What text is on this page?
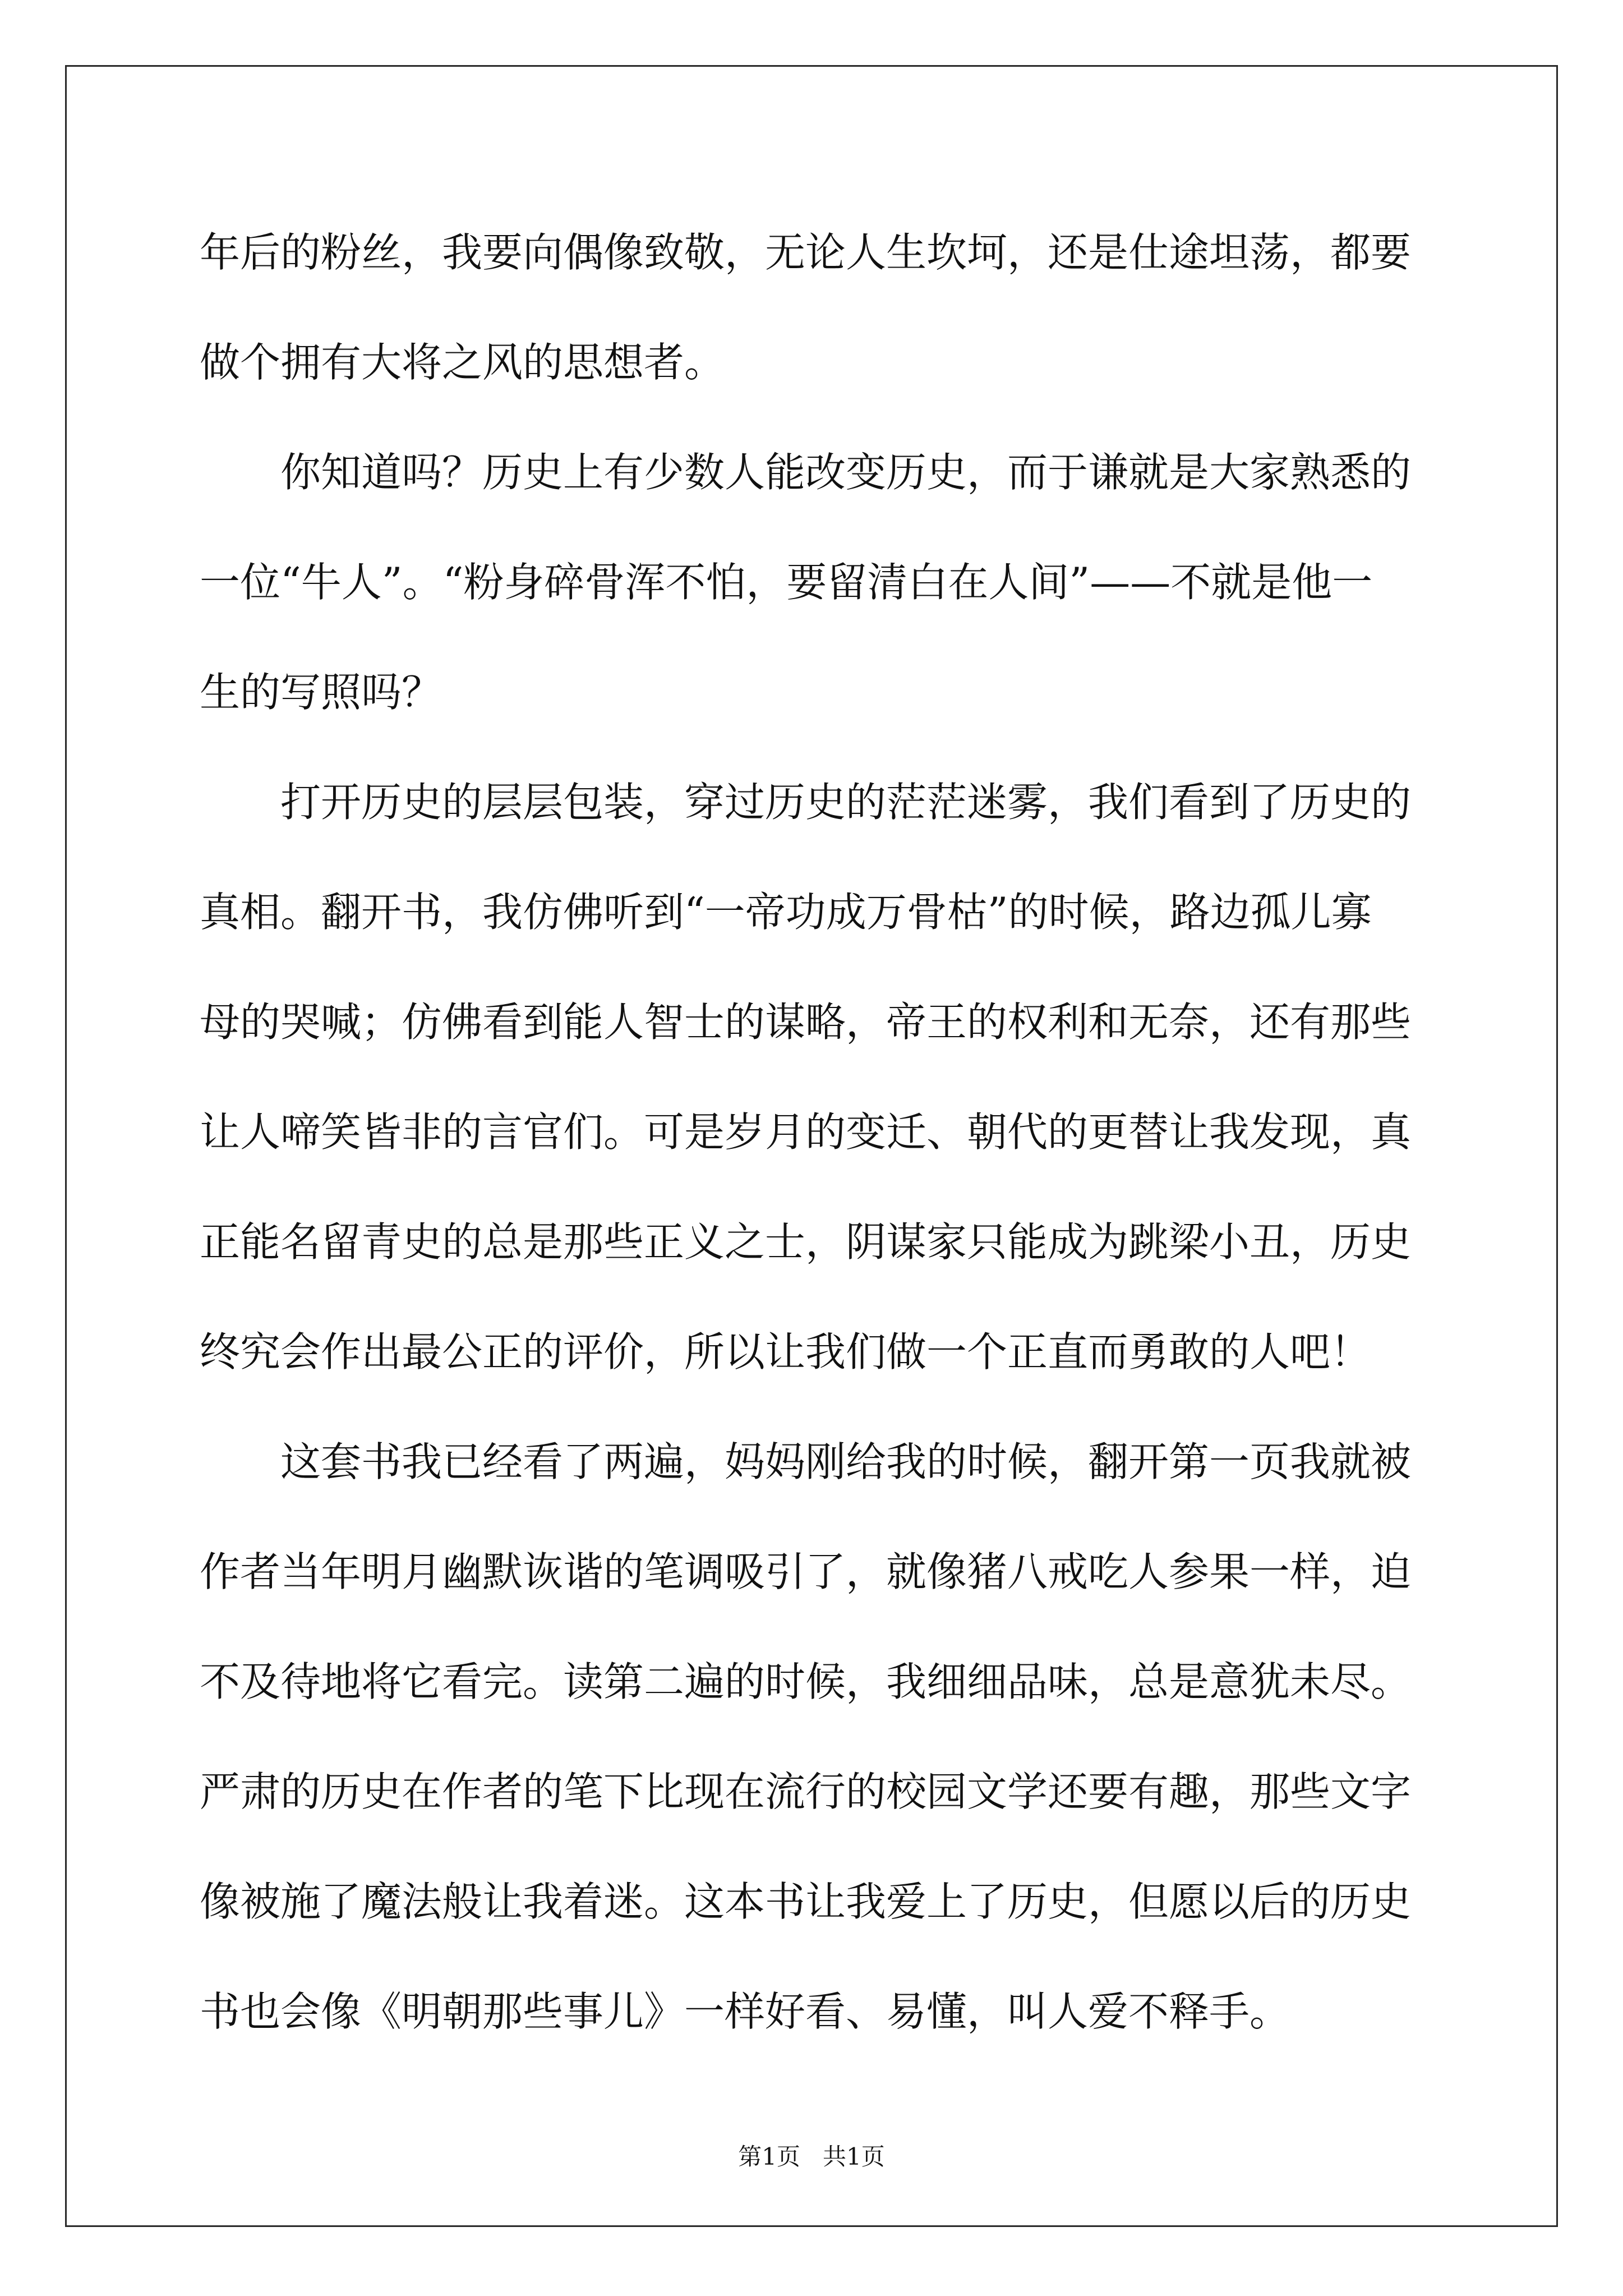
年后的粉丝，我要向偶像致敬，无论人生坎坷，还是仕途坦荡，都要
做个拥有大将之风的思想者。
　　你知道吗？历史上有少数人能改变历史，而于谦就是大家熟悉的
一位“牛人”。“粉身碎骨浑不怕，要留清白在人间”——不就是他一
生的写照吗？
　　打开历史的层层包装，穿过历史的茫茫迷雾，我们看到了历史的
真相。翻开书，我仿佛听到“一帝功成万骨枯”的时候，路边孤儿寡
母的哭喊；仿佛看到能人智士的谋略，帝王的权利和无奈，还有那些
让人啼笑皆非的言官们。可是岁月的变迁、朝代的更替让我发现，真
正能名留青史的总是那些正义之士，阴谋家只能成为跳梁小丑，历史
终究会作出最公正的评价，所以让我们做一个正直而勇敢的人吧！
　　这套书我已经看了两遍，妈妈刚给我的时候，翻开第一页我就被
作者当年明月幽默诙谐的笔调吸引了，就像猪八戒吃人参果一样，迫
不及待地将它看完。读第二遍的时候，我细细品味，总是意犹未尽。
严肃的历史在作者的笔下比现在流行的校园文学还要有趣，那些文字
像被施了魔法般让我着迷。这本书让我爱上了历史，但愿以后的历史
书也会像《明朝那些事儿》一样好看、易懂，叫人爱不释手。
第1页   共1页
